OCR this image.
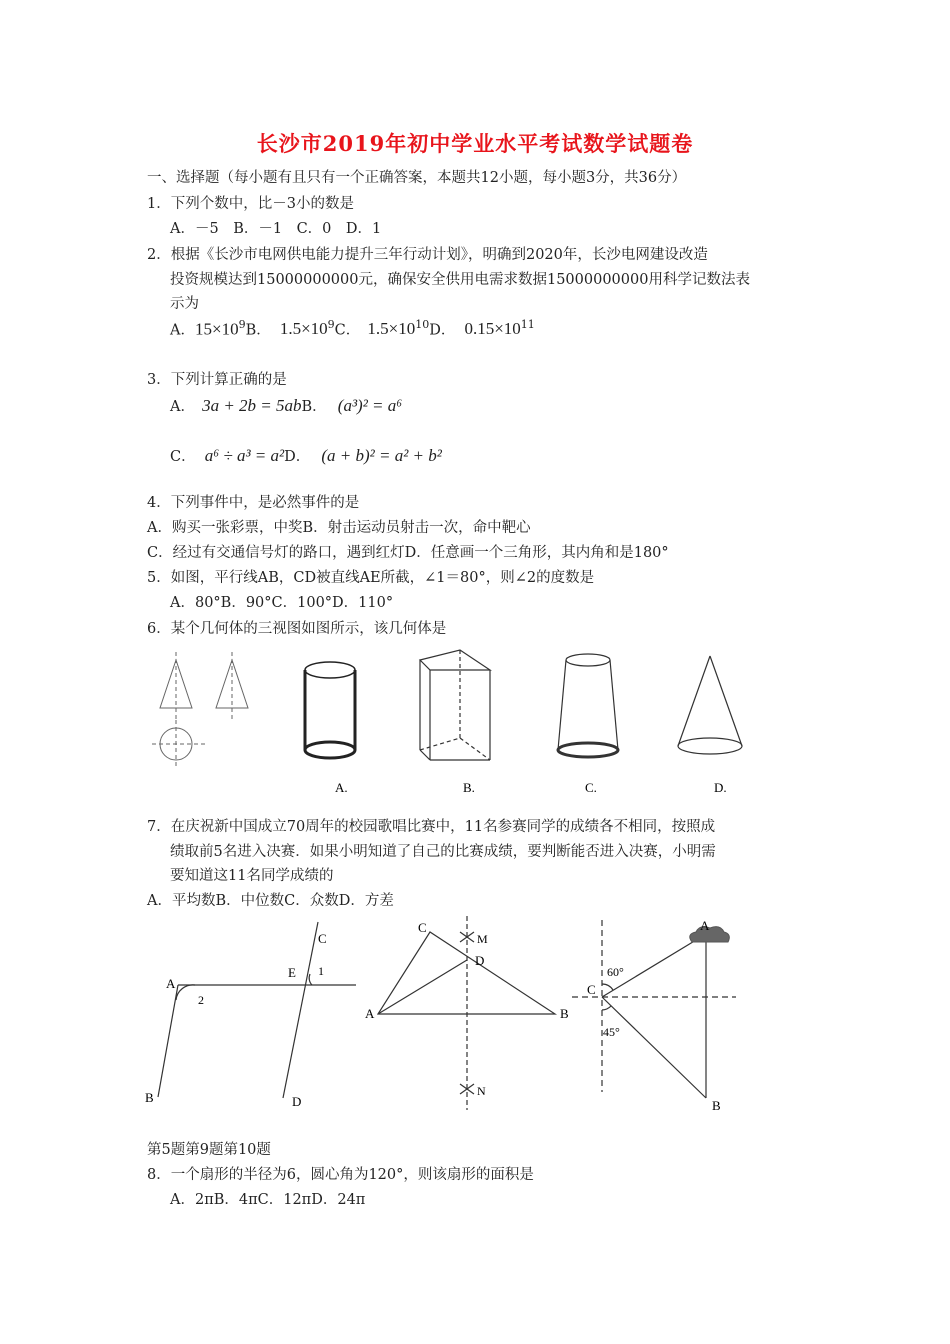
长沙市2019年初中学业水平考试数学试题卷
一、选择题（每小题有且只有一个正确答案，本题共12小题，每小题3分，共36分）
1．下列个数中，比－3小的数是
A．－5　B．－1　C．0　D．1
2．根据《长沙市电网供电能力提升三年行动计划》，明确到2020年，长沙电网建设改造
投资规模达到15000000000元，确保安全供用电需求数据15000000000用科学记数法表
示为
A．$15\times 10^9B$． $1.5\times 10^9C$． $1.5\times 10^{10}D$． $0.15\times 10^{11}$
3．下列计算正确的是
A． 3a + 2b = 5abB． (a³)² = a⁶
C． a⁶ ÷ a³ = a²D． (a + b)² = a² + b²
4．下列事件中，是必然事件的是
A．购买一张彩票，中奖B．射击运动员射击一次，命中靶心
C．经过有交通信号灯的路口，遇到红灯D．任意画一个三角形，其内角和是180°
5．如图，平行线AB，CD被直线AE所截，∠1＝80°，则∠2的度数是
A．80°B．90°C．100°D．110°
6．某个几何体的三视图如图所示，该几何体是
A.	B.	C.	D.
7．在庆祝新中国成立70周年的校园歌唱比赛中，11名参赛同学的成绩各不相同，按照成
绩取前5名进入决赛．如果小明知道了自己的比赛成绩，要判断能否进入决赛，小明需
要知道这11名同学成绩的
A．平均数B．中位数C．众数D．方差
A
B
C
D
E 1
2
A	B
C
D
M
N
A
B
C
60°
45°
第5题第9题第10题
8．一个扇形的半径为6，圆心角为120°，则该扇形的面积是
A．2πB．4πC．12πD．24π
